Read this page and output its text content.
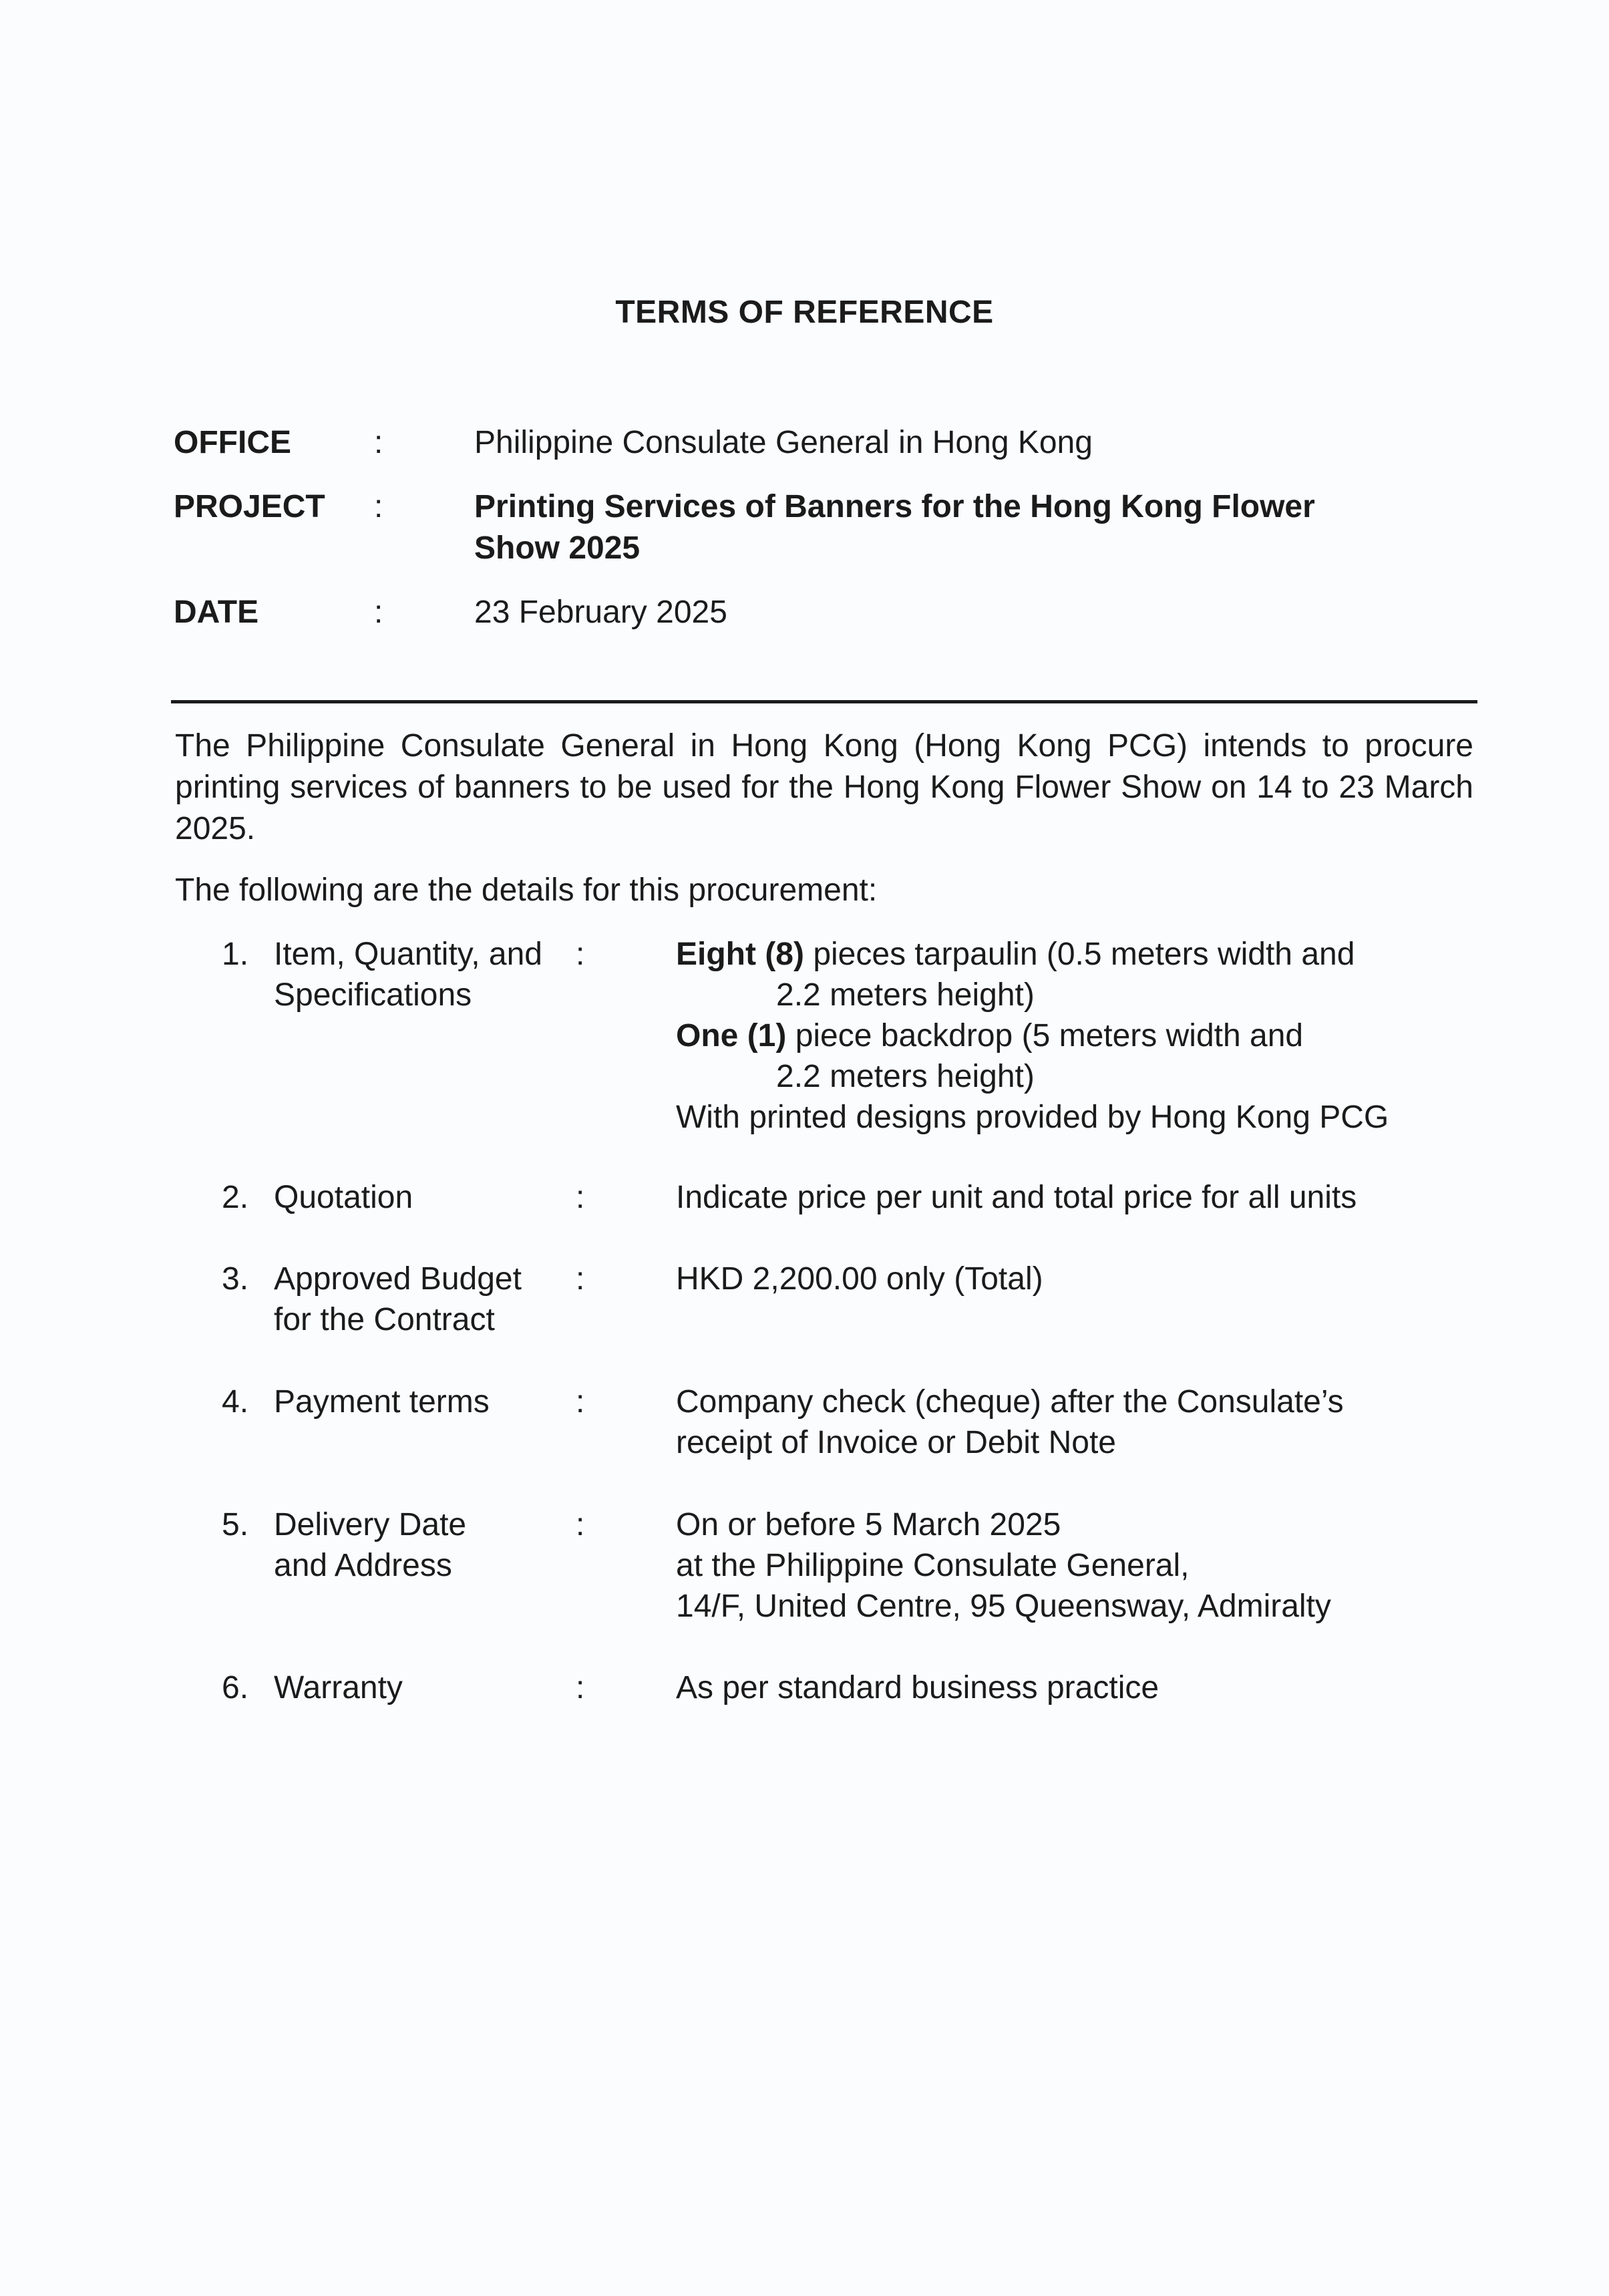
TERMS OF REFERENCE
OFFICE	:	Philippine Consulate General in Hong Kong
PROJECT :	Printing Services of Banners for the Hong Kong Flower Show 2025
DATE	:	23 February 2025
The Philippine Consulate General in Hong Kong (Hong Kong PCG) intends to procure printing services of banners to be used for the Hong Kong Flower Show on 14 to 23 March 2025.
The following are the details for this procurement:
1. Item, Quantity, and Specifications
:	Eight (8) pieces tarpaulin (0.5 meters width and
2.2 meters height)
One (1) piece backdrop (5 meters width and
2.2 meters height)
With printed designs provided by Hong Kong PCG
2. Quotation	:	Indicate price per unit and total price for all units
3. Approved Budget for the Contract
:	HKD 2,200.00 only (Total)
4. Payment terms	:	Company check (cheque) after the Consulate’s receipt of Invoice or Debit Note
5. Delivery Date and Address
:	On or before 5 March 2025
at the Philippine Consulate General,
14/F, United Centre, 95 Queensway, Admiralty
6. Warranty	:	As per standard business practice
